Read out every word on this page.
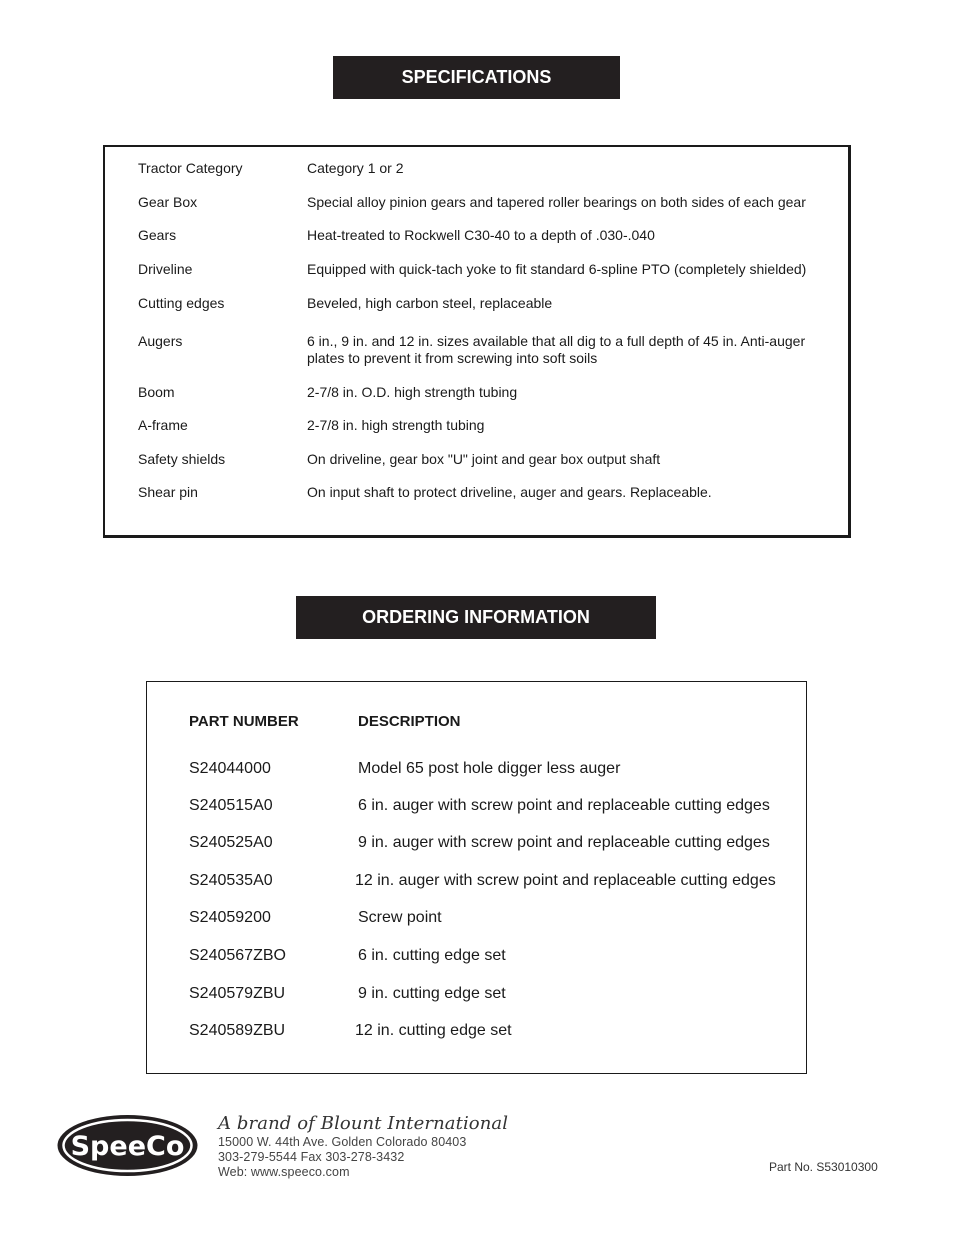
SPECIFICATIONS
Tractor Category	Category 1 or 2
Gear Box	Special alloy pinion gears and tapered roller bearings on both sides of each gear
Gears	Heat-treated to Rockwell C30-40 to a depth of .030-.040
Driveline	Equipped with quick-tach yoke to fit standard 6-spline PTO (completely shielded)
Cutting edges	Beveled, high carbon steel, replaceable
Augers	6 in., 9 in. and 12 in. sizes available that all dig to a full depth of 45 in. Anti-auger plates to prevent it from screwing into soft soils
Boom	2-7/8 in. O.D. high strength tubing
A-frame	2-7/8 in. high strength tubing
Safety shields	On driveline, gear box "U" joint and gear box output shaft
Shear pin	On input shaft to protect driveline, auger and gears. Replaceable.
ORDERING INFORMATION
PART NUMBER	DESCRIPTION
S24044000	Model 65 post hole digger less auger
S240515A0	6 in. auger with screw point and replaceable cutting edges
S240525A0	9 in. auger with screw point and replaceable cutting edges
S240535A0	12 in. auger with screw point and replaceable cutting edges
S24059200	Screw point
S240567ZBO	6 in. cutting edge set
S240579ZBU	9 in. cutting edge set
S240589ZBU	12 in. cutting edge set
SpeeCo
A brand of Blount International
15000 W. 44th Ave. Golden Colorado 80403
303-279-5544 Fax 303-278-3432
Web: www.speeco.com	Part No. S53010300
